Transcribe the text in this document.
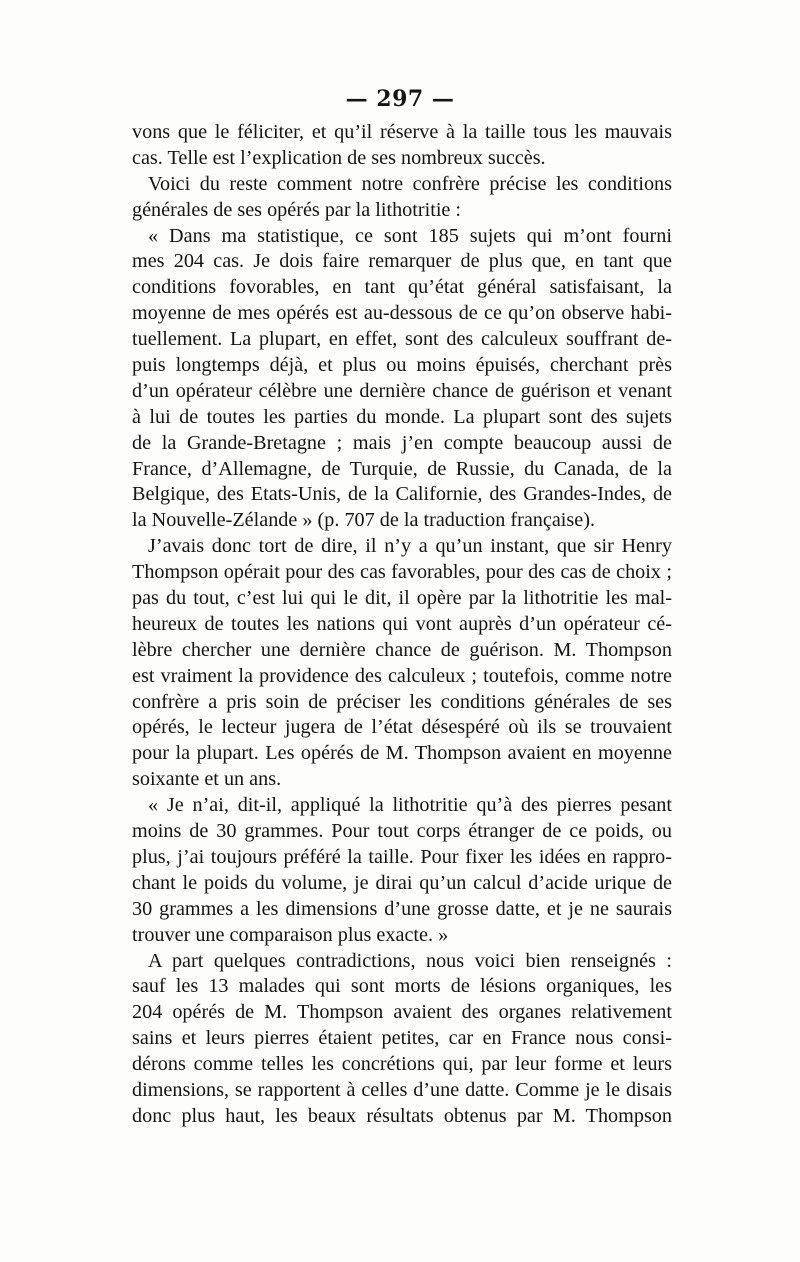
— 297 —
vons que le féliciter, et qu’il réserve à la taille tous les mauvais
cas. Telle est l’explication de ses nombreux succès.
Voici du reste comment notre confrère précise les conditions
générales de ses opérés par la lithotritie :
« Dans ma statistique, ce sont 185 sujets qui m’ont fourni
mes 204 cas. Je dois faire remarquer de plus que, en tant que
conditions fovorables, en tant qu’état général satisfaisant, la
moyenne de mes opérés est au-dessous de ce qu’on observe habi-
tuellement. La plupart, en effet, sont des calculeux souffrant de-
puis longtemps déjà, et plus ou moins épuisés, cherchant près
d’un opérateur célèbre une dernière chance de guérison et venant
à lui de toutes les parties du monde. La plupart sont des sujets
de la Grande-Bretagne ; mais j’en compte beaucoup aussi de
France, d’Allemagne, de Turquie, de Russie, du Canada, de la
Belgique, des Etats-Unis, de la Californie, des Grandes-Indes, de
la Nouvelle-Zélande » (p. 707 de la traduction française).
J’avais donc tort de dire, il n’y a qu’un instant, que sir Henry
Thompson opérait pour des cas favorables, pour des cas de choix ;
pas du tout, c’est lui qui le dit, il opère par la lithotritie les mal-
heureux de toutes les nations qui vont auprès d’un opérateur cé-
lèbre chercher une dernière chance de guérison. M. Thompson
est vraiment la providence des calculeux ; toutefois, comme notre
confrère a pris soin de préciser les conditions générales de ses
opérés, le lecteur jugera de l’état désespéré où ils se trouvaient
pour la plupart. Les opérés de M. Thompson avaient en moyenne
soixante et un ans.
« Je n’ai, dit-il, appliqué la lithotritie qu’à des pierres pesant
moins de 30 grammes. Pour tout corps étranger de ce poids, ou
plus, j’ai toujours préféré la taille. Pour fixer les idées en rappro-
chant le poids du volume, je dirai qu’un calcul d’acide urique de
30 grammes a les dimensions d’une grosse datte, et je ne saurais
trouver une comparaison plus exacte. »
A part quelques contradictions, nous voici bien renseignés :
sauf les 13 malades qui sont morts de lésions organiques, les
204 opérés de M. Thompson avaient des organes relativement
sains et leurs pierres étaient petites, car en France nous consi-
dérons comme telles les concrétions qui, par leur forme et leurs
dimensions, se rapportent à celles d’une datte. Comme je le disais
donc plus haut, les beaux résultats obtenus par M. Thompson
